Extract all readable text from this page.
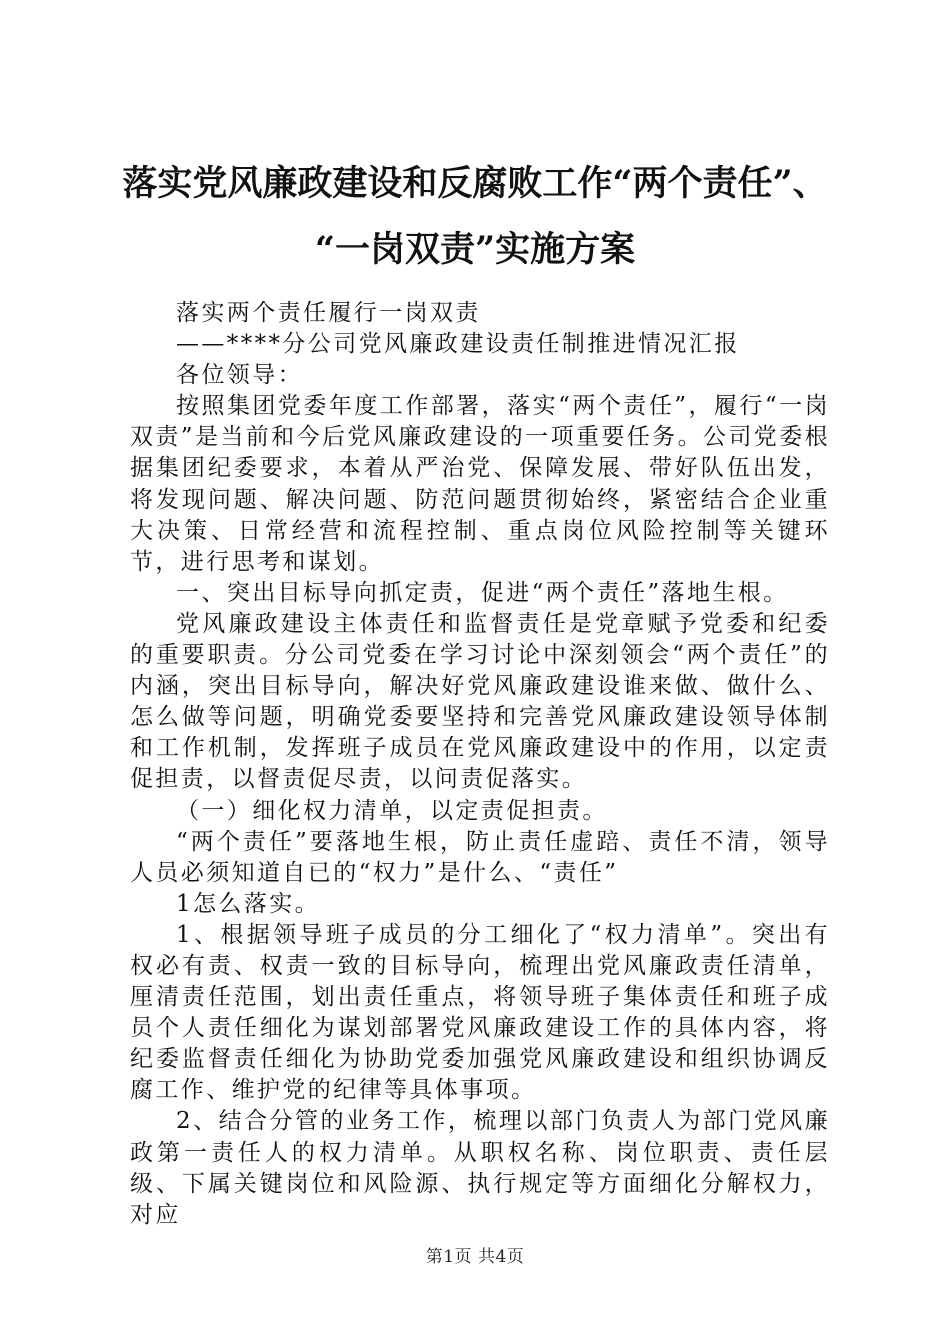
落实党风廉政建设和反腐败工作“两个责任”、
“一岗双责”实施方案

落实两个责任履行一岗双责

——****分公司党风廉政建设责任制推进情况汇报

各位领导：

按照集团党委年度工作部署，落实“两个责任”，履行“一岗双责”是当前和今后党风廉政建设的一项重要任务。公司党委根据集团纪委要求，本着从严治党、保障发展、带好队伍出发，将发现问题、解决问题、防范问题贯彻始终，紧密结合企业重大决策、日常经营和流程控制、重点岗位风险控制等关键环节，进行思考和谋划。

一、突出目标导向抓定责，促进“两个责任”落地生根。

党风廉政建设主体责任和监督责任是党章赋予党委和纪委的重要职责。分公司党委在学习讨论中深刻领会“两个责任”的内涵，突出目标导向，解决好党风廉政建设谁来做、做什么、怎么做等问题，明确党委要坚持和完善党风廉政建设领导体制和工作机制，发挥班子成员在党风廉政建设中的作用，以定责促担责，以督责促尽责，以问责促落实。

（一）细化权力清单，以定责促担责。

“两个责任”要落地生根，防止责任虚踣、责任不清，领导人员必须知道自已的“权力”是什么、“责任”

1怎么落实。

1、根据领导班子成员的分工细化了“权力清单”。突出有权必有责、权责一致的目标导向，梳理出党风廉政责任清单，厘清责任范围，划出责任重点，将领导班子集体责任和班子成员个人责任细化为谋划部署党风廉政建设工作的具体内容，将纪委监督责任细化为协助党委加强党风廉政建设和组织协调反腐工作、维护党的纪律等具体事项。

2、结合分管的业务工作，梳理以部门负责人为部门党风廉政第一责任人的权力清单。从职权名称、岗位职责、责任层级、下属关键岗位和风险源、执行规定等方面细化分解权力，对应

第1页 共4页
